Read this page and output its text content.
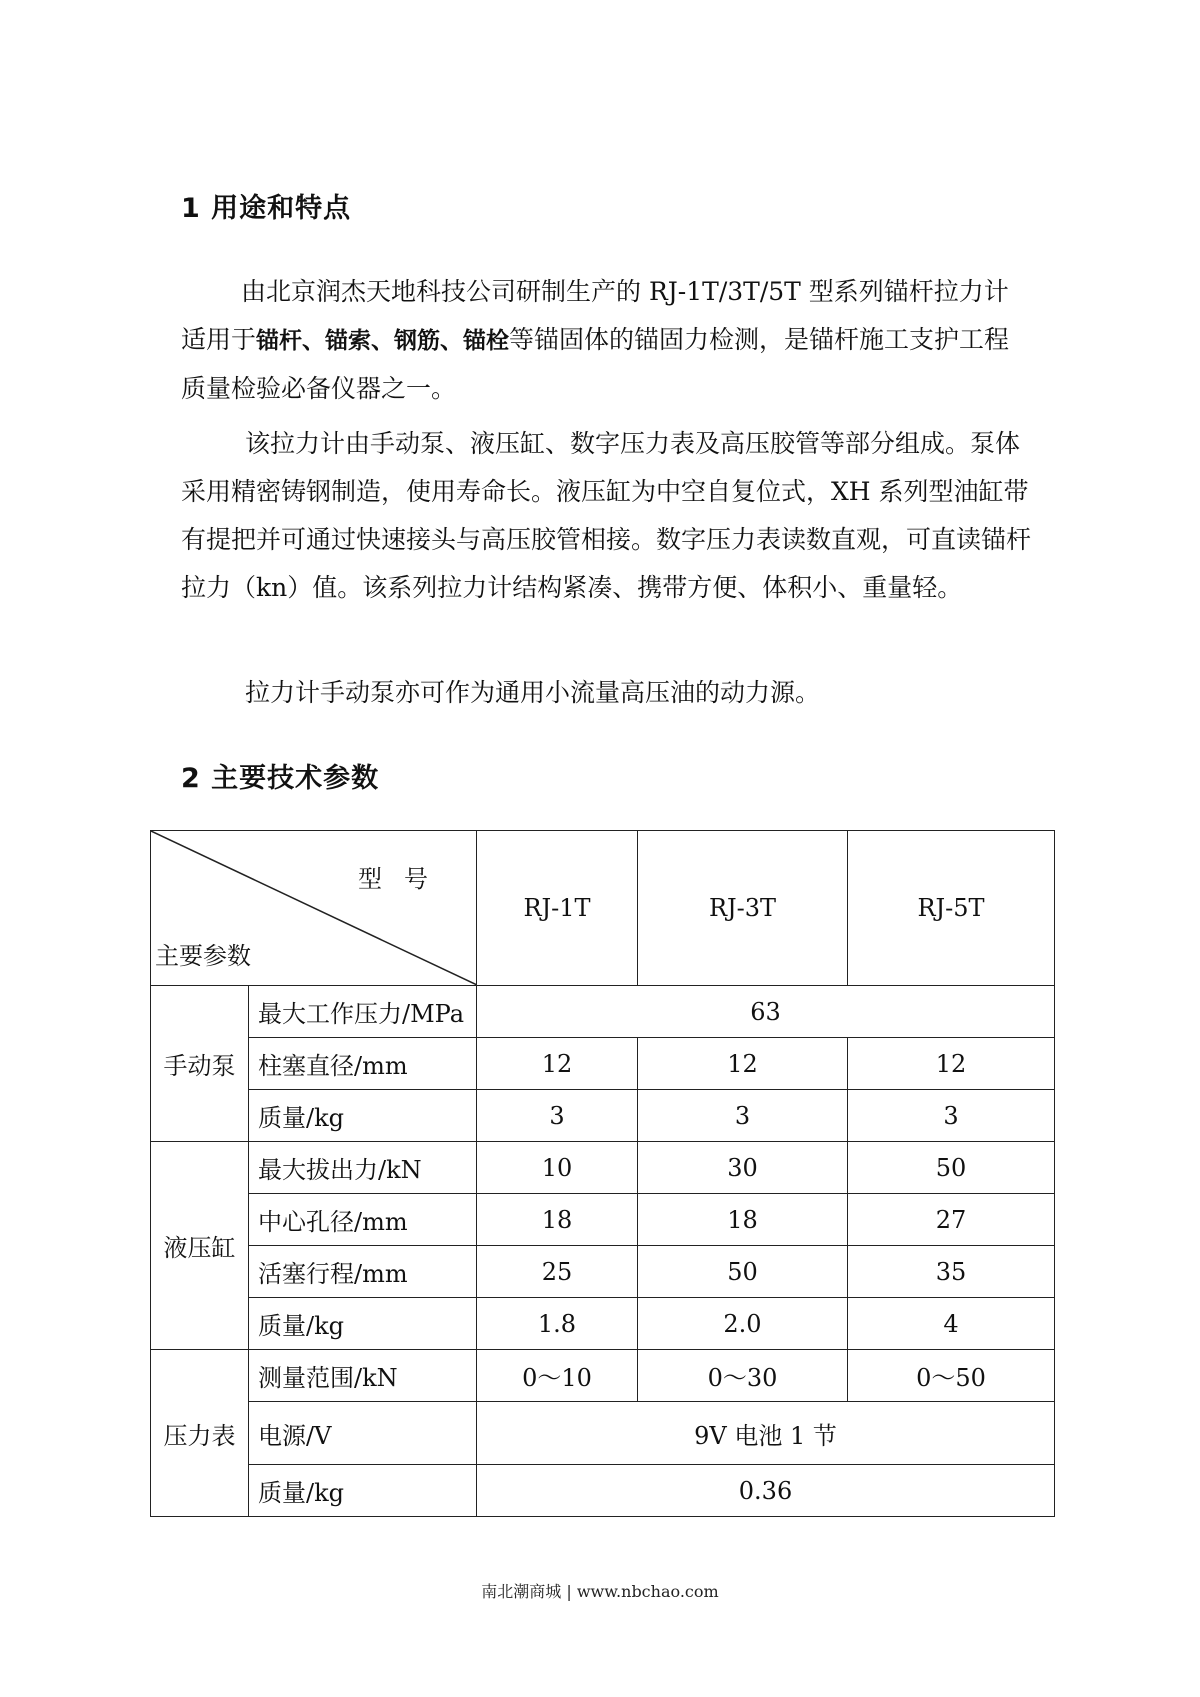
1 用途和特点

由北京润杰天地科技公司研制生产的 RJ-1T/3T/5T 型系列锚杆拉力计适用于锚杆、锚索、钢筋、锚栓等锚固体的锚固力检测，是锚杆施工支护工程质量检验必备仪器之一。

该拉力计由手动泵、液压缸、数字压力表及高压胶管等部分组成。泵体采用精密铸钢制造，使用寿命长。液压缸为中空自复位式，XH 系列型油缸带有提把并可通过快速接头与高压胶管相接。数字压力表读数直观，可直读锚杆拉力（kn）值。该系列拉力计结构紧凑、携带方便、体积小、重量轻。

拉力计手动泵亦可作为通用小流量高压油的动力源。

2 主要技术参数
型号
主要参数		RJ-1T	RJ-3T	RJ-5T
手动泵	最大工作压力/MPa	63		
	柱塞直径/mm	12	12	12
	质量/kg	3	3	3
液压缸	最大拔出力/kN	10	30	50
	中心孔径/mm	18	18	27
	活塞行程/mm	25	50	35
	质量/kg	1.8	2.0	4
压力表	测量范围/kN	0～10	0～30	0～50
	电源/V	9V 电池 1 节		
	质量/kg	0.36		
南北潮商城 | www.nbchao.com
